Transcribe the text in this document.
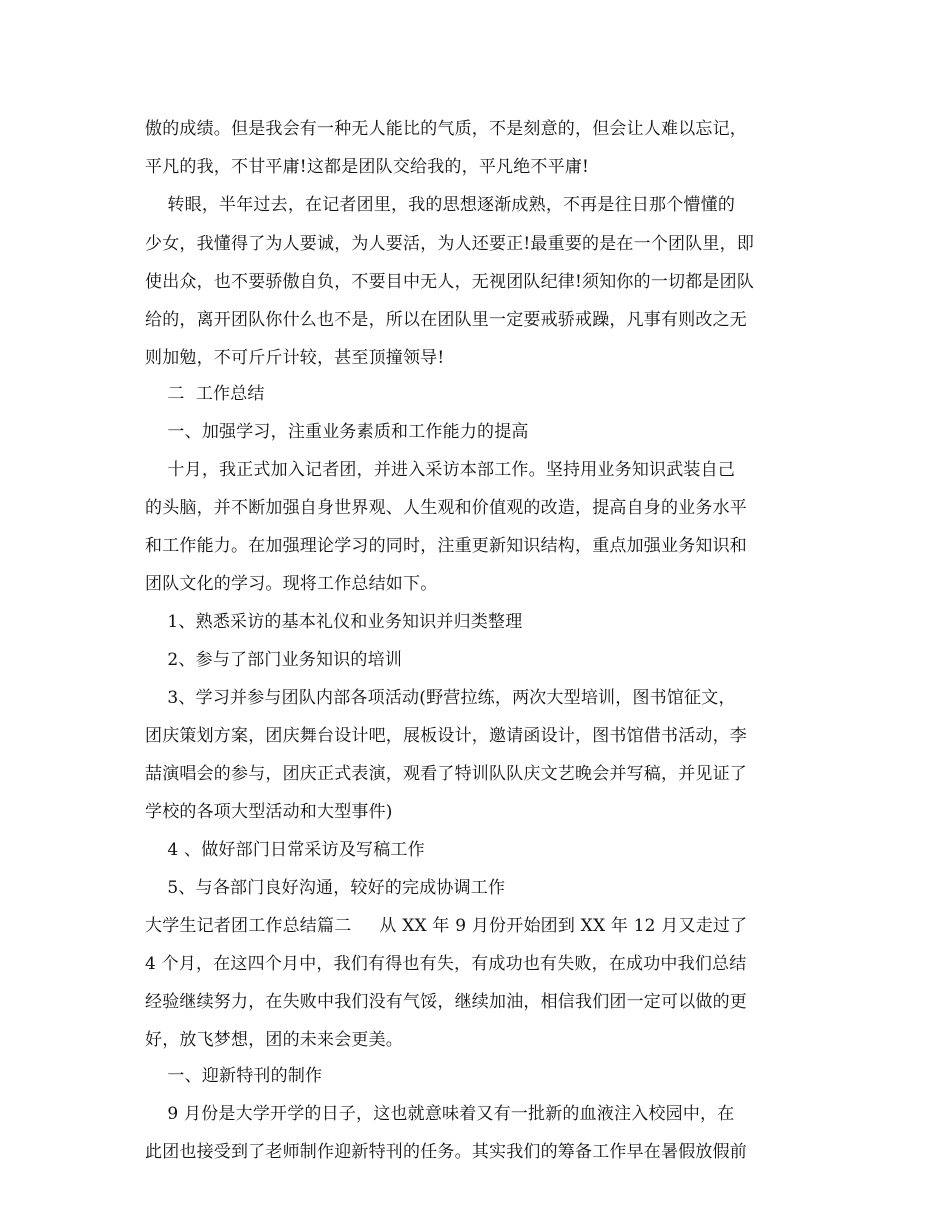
傲的成绩。但是我会有一种无人能比的气质，不是刻意的，但会让人难以忘记，
平凡的我，不甘平庸!这都是团队交给我的，平凡绝不平庸!
转眼，半年过去，在记者团里，我的思想逐渐成熟，不再是往日那个懵懂的
少女，我懂得了为人要诚，为人要活，为人还要正!最重要的是在一个团队里，即
使出众，也不要骄傲自负，不要目中无人，无视团队纪律!须知你的一切都是团队
给的，离开团队你什么也不是，所以在团队里一定要戒骄戒躁，凡事有则改之无
则加勉，不可斤斤计较，甚至顶撞领导!
二  工作总结
一、加强学习，注重业务素质和工作能力的提高
十月，我正式加入记者团，并进入采访本部工作。坚持用业务知识武装自己
的头脑，并不断加强自身世界观、人生观和价值观的改造，提高自身的业务水平
和工作能力。在加强理论学习的同时，注重更新知识结构，重点加强业务知识和
团队文化的学习。现将工作总结如下。
1、熟悉采访的基本礼仪和业务知识并归类整理
2、参与了部门业务知识的培训
3、学习并参与团队内部各项活动(野营拉练，两次大型培训，图书馆征文，
团庆策划方案，团庆舞台设计吧，展板设计，邀请函设计，图书馆借书活动，李
喆演唱会的参与，团庆正式表演，观看了特训队队庆文艺晚会并写稿，并见证了
学校的各项大型活动和大型事件)
4 、做好部门日常采访及写稿工作
5、与各部门良好沟通，较好的完成协调工作
大学生记者团工作总结篇二     从 XX 年 9 月份开始团到 XX 年 12 月又走过了
4 个月，在这四个月中，我们有得也有失，有成功也有失败，在成功中我们总结
经验继续努力，在失败中我们没有气馁，继续加油，相信我们团一定可以做的更
好，放飞梦想，团的未来会更美。
一、迎新特刊的制作
9 月份是大学开学的日子，这也就意味着又有一批新的血液注入校园中，在
此团也接受到了老师制作迎新特刊的任务。其实我们的筹备工作早在暑假放假前
